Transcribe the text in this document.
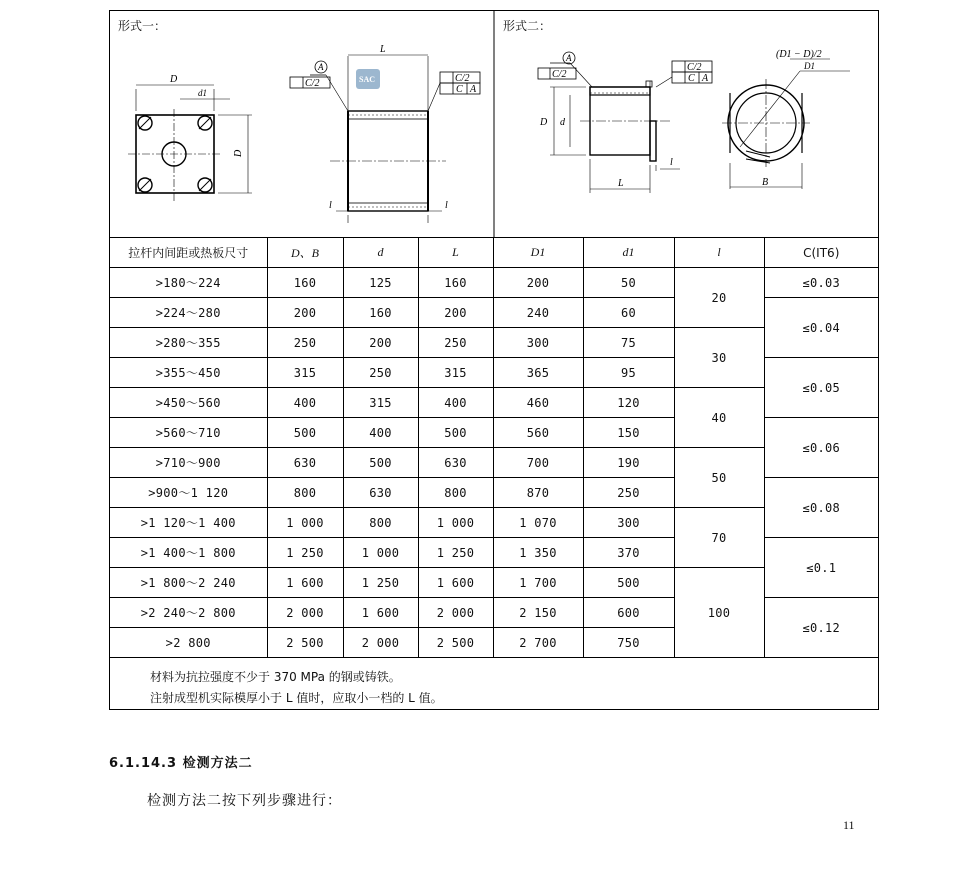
形式一：	形式二：
D
d1
D
A
L
C/2	C/2
C A
l	l
SAC
A
C/2
C/2
C A
D d
L
l
(D1 − D)/2
D1
B
拉杆内间距或热板尺寸	D、B	d	L	D1	d1	l	C(IT6)
>180～224	160	125	160	200	50	20	≤0.03
>224～280	200	160	200	240	60		≤0.04
>280～355	250	200	250	300	75	30	
>355～450	315	250	315	365	95		≤0.05
>450～560	400	315	400	460	120	40	
>560～710	500	400	500	560	150		≤0.06
>710～900	630	500	630	700	190	50	
>900～1 120	800	630	800	870	250		≤0.08
>1 120～1 400	1 000	800	1 000	1 070	300	70	
>1 400～1 800	1 250	1 000	1 250	1 350	370		≤0.1
>1 800～2 240	1 600	1 250	1 600	1 700	500	100	
>2 240～2 800	2 000	1 600	2 000	2 150	600		≤0.12
>2 800	2 500	2 000	2 500	2 700	750		
材料为抗拉强度不少于 370 MPa 的钢或铸铁。
注射成型机实际模厚小于 L 值时，应取小一档的 L 值。
6.1.14.3 检测方法二
检测方法二按下列步骤进行：
11
